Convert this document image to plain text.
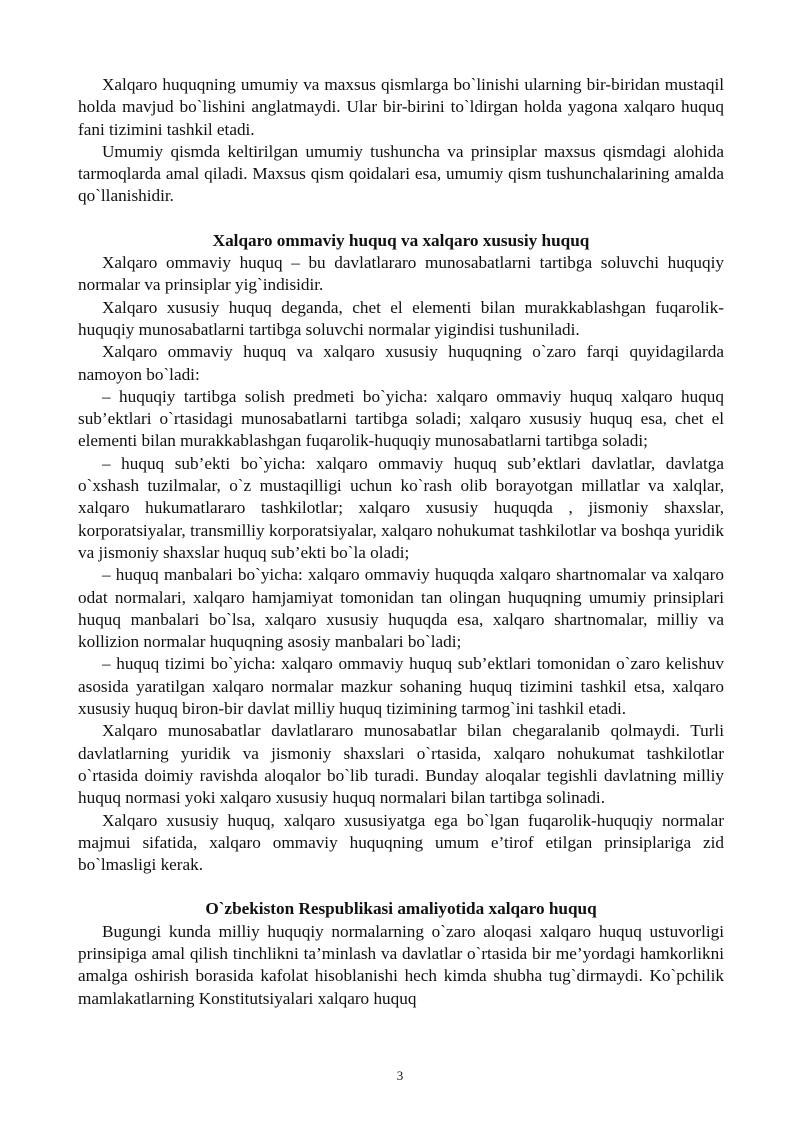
Xalqaro huquqning umumiy va maxsus qismlarga bo`linishi ularning bir-biridan mustaqil holda mavjud bo`lishini anglatmaydi. Ular bir-birini to`ldirgan holda yagona xalqaro huquq fani tizimini tashkil etadi.

Umumiy qismda keltirilgan umumiy tushuncha va prinsiplar maxsus qismdagi alohida tarmoqlarda amal qiladi. Maxsus qism qoidalari esa, umumiy qism tushunchalarining amalda qo`llanishidir.

Xalqaro ommaviy huquq va xalqaro xususiy huquq

Xalqaro ommaviy huquq – bu davlatlararo munosabatlarni tartibga soluvchi huquqiy normalar va prinsiplar yig`indisidir.

Xalqaro xususiy huquq deganda, chet el elementi bilan murakkablashgan fuqarolik-huquqiy munosabatlarni tartibga soluvchi normalar yigindisi tushuniladi.

Xalqaro ommaviy huquq va xalqaro xususiy huquqning o`zaro farqi quyidagilarda namoyon bo`ladi:

– huquqiy tartibga solish predmeti bo`yicha: xalqaro ommaviy huquq xalqaro huquq sub’ektlari o`rtasidagi munosabatlarni tartibga soladi; xalqaro xususiy huquq esa, chet el elementi bilan murakkablashgan fuqarolik-huquqiy munosabatlarni tartibga soladi;

– huquq sub’ekti bo`yicha: xalqaro ommaviy huquq sub’ektlari davlatlar, davlatga o`xshash tuzilmalar, o`z mustaqilligi uchun ko`rash olib borayotgan millatlar va xalqlar, xalqaro hukumatlararo tashkilotlar; xalqaro xususiy huquqda , jismoniy shaxslar, korporatsiyalar, transmilliy korporatsiyalar, xalqaro nohukumat tashkilotlar va boshqa yuridik va jismoniy shaxslar huquq sub’ekti bo`la oladi;

– huquq manbalari bo`yicha: xalqaro ommaviy huquqda xalqaro shartnomalar va xalqaro odat normalari, xalqaro hamjamiyat tomonidan tan olingan huquqning umumiy prinsiplari huquq manbalari bo`lsa, xalqaro xususiy huquqda esa, xalqaro shartnomalar, milliy va kollizion normalar huquqning asosiy manbalari bo`ladi;

– huquq tizimi bo`yicha: xalqaro ommaviy huquq sub’ektlari tomonidan o`zaro kelishuv asosida yaratilgan xalqaro normalar mazkur sohaning huquq tizimini tashkil etsa, xalqaro xususiy huquq biron-bir davlat milliy huquq tizimining tarmog`ini tashkil etadi.

Xalqaro munosabatlar davlatlararo munosabatlar bilan chegaralanib qolmaydi. Turli davlatlarning yuridik va jismoniy shaxslari o`rtasida, xalqaro nohukumat tashkilotlar o`rtasida doimiy ravishda aloqalor bo`lib turadi. Bunday aloqalar tegishli davlatning milliy huquq normasi yoki xalqaro xususiy huquq normalari bilan tartibga solinadi.

Xalqaro xususiy huquq, xalqaro xususiyatga ega bo`lgan fuqarolik-huquqiy normalar majmui sifatida, xalqaro ommaviy huquqning umum e’tirof etilgan prinsiplariga zid bo`lmasligi kerak.

O`zbekiston Respublikasi amaliyotida xalqaro huquq

Bugungi kunda milliy huquqiy normalarning o`zaro aloqasi xalqaro huquq ustuvorligi prinsipiga amal qilish tinchlikni ta’minlash va davlatlar o`rtasida bir me’yordagi hamkorlikni amalga oshirish borasida kafolat hisoblanishi hech kimda shubha tug`dirmaydi. Ko`pchilik mamlakatlarning Konstitutsiyalari xalqaro huquq

3
